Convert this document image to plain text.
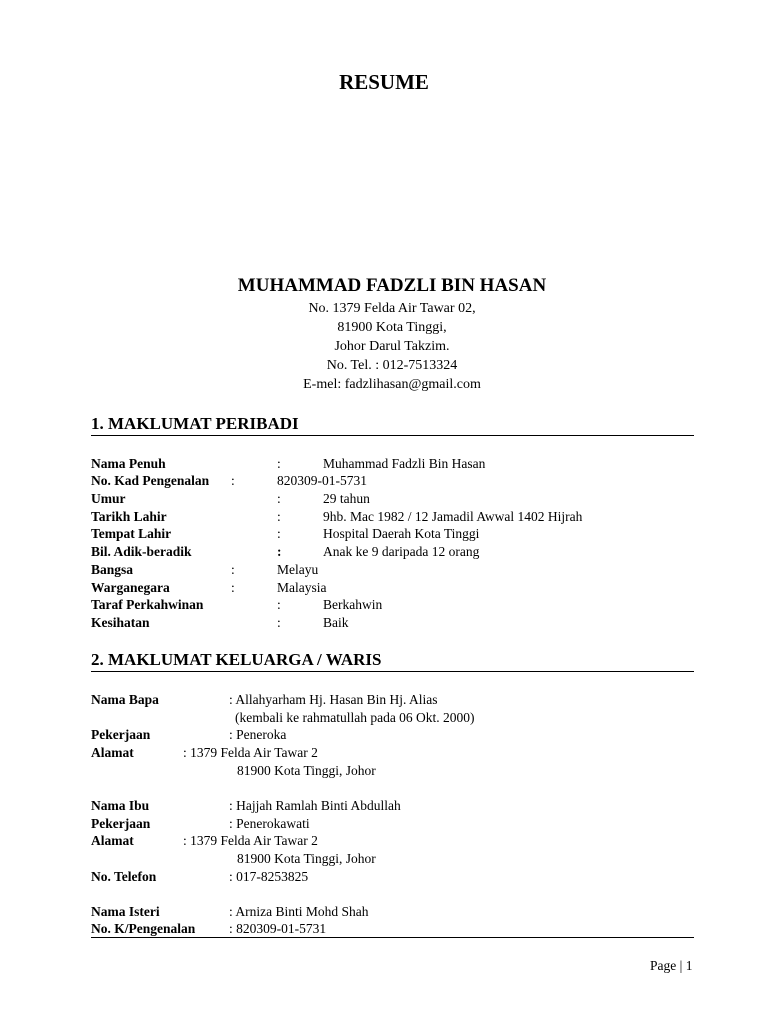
RESUME
MUHAMMAD FADZLI BIN HASAN
No. 1379 Felda Air Tawar 02,
81900 Kota Tinggi,
Johor Darul Takzim.
No. Tel. : 012-7513324
E-mel: fadzlihasan@gmail.com
1. MAKLUMAT PERIBADI
Nama Penuh	:	Muhammad Fadzli Bin Hasan
No. Kad Pengenalan :	820309-01-5731
Umur	:	29 tahun
Tarikh Lahir	:	9hb. Mac 1982 / 12 Jamadil Awwal 1402 Hijrah
Tempat Lahir	:	Hospital Daerah Kota Tinggi
Bil. Adik-beradik	:	Anak ke 9 daripada 12 orang
Bangsa	:	Melayu
Warganegara	:	Malaysia
Taraf Perkahwinan	:	Berkahwin
Kesihatan	:	Baik
2. MAKLUMAT KELUARGA / WARIS
Nama Bapa	: Allahyarham Hj. Hasan Bin Hj. Alias
(kembali ke rahmatullah pada 06 Okt. 2000)
Pekerjaan	: Peneroka
Alamat	: 1379 Felda Air Tawar 2
81900 Kota Tinggi, Johor
Nama Ibu	: Hajjah Ramlah Binti Abdullah
Pekerjaan	: Penerokawati
Alamat	: 1379 Felda Air Tawar 2
81900 Kota Tinggi, Johor
No. Telefon	: 017-8253825
Nama Isteri	: Arniza Binti Mohd Shah
No. K/Pengenalan : 820309-01-5731
Page | 1
